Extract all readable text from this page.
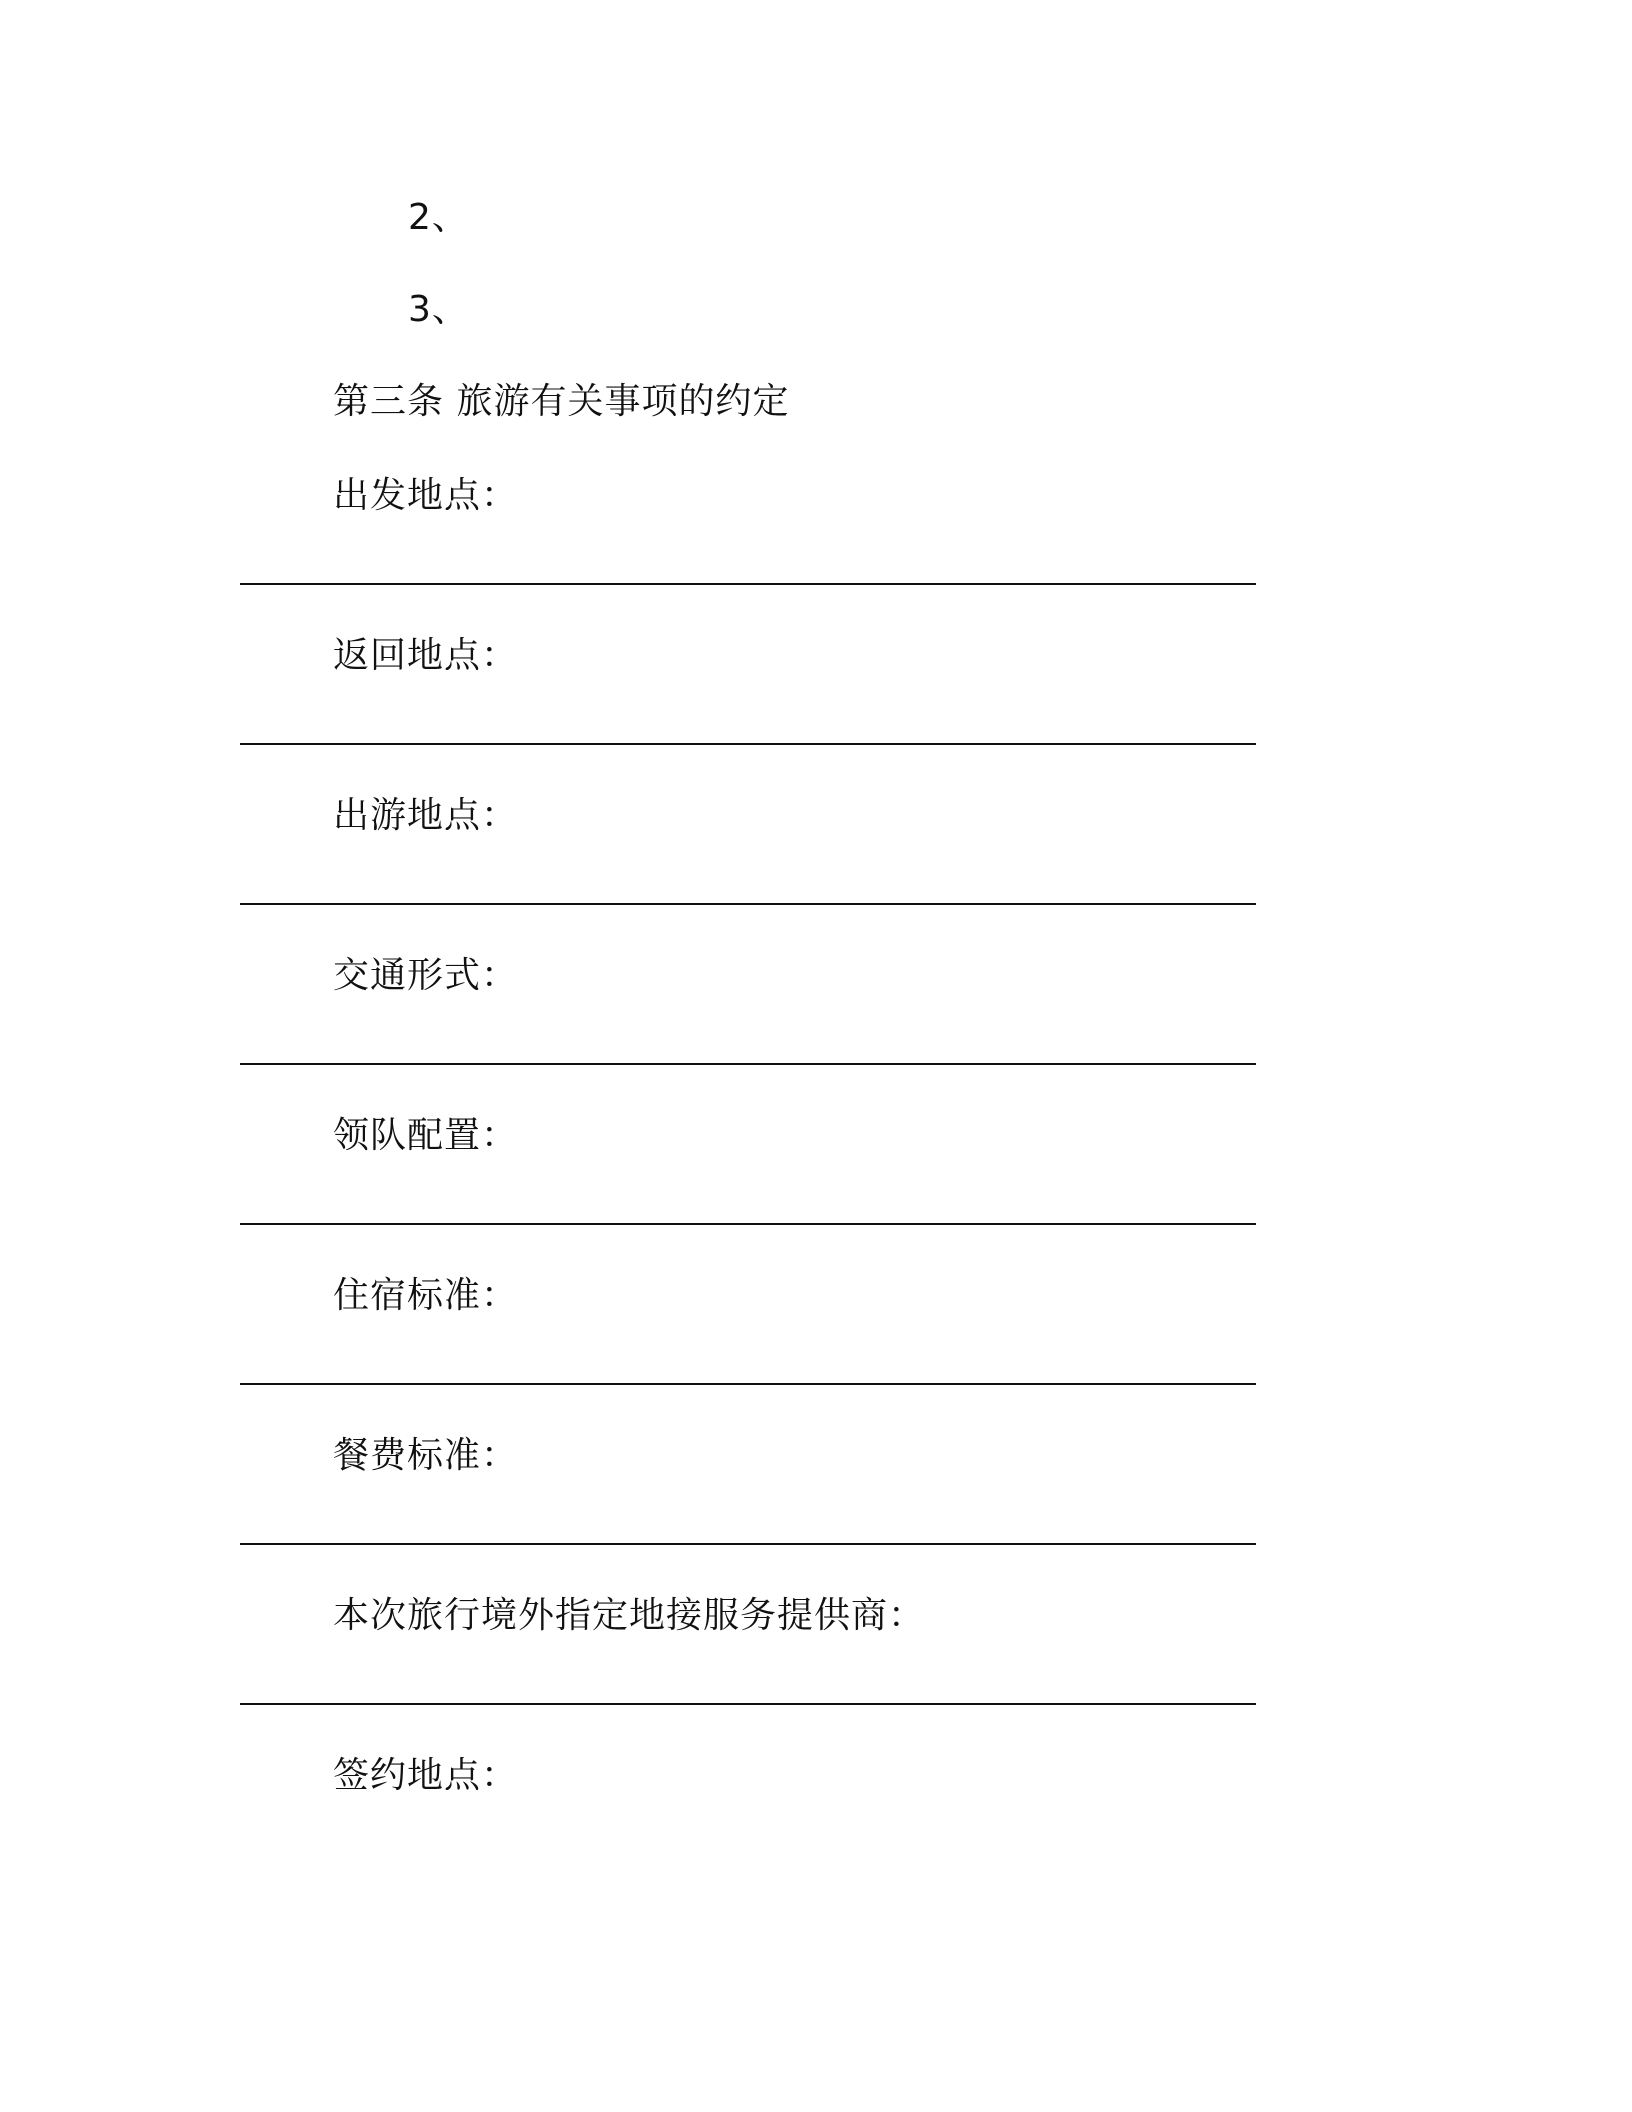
2、
3、
第三条 旅游有关事项的约定
出发地点：
返回地点：
出游地点：
交通形式：
领队配置：
住宿标准：
餐费标准：
本次旅行境外指定地接服务提供商：
签约地点：
